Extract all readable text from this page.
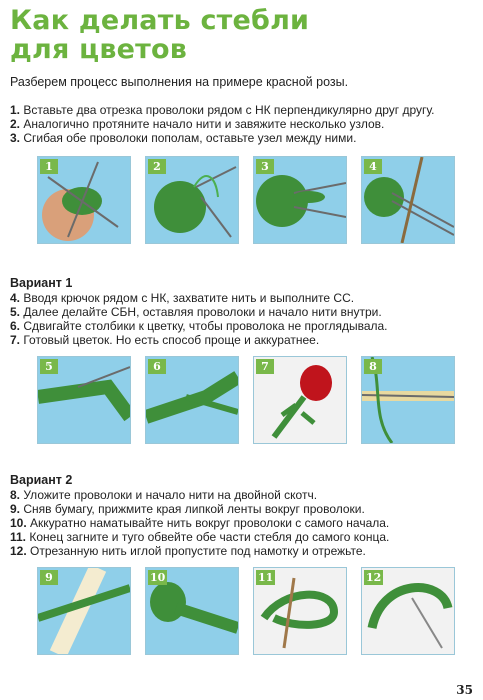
Как делать стебли
для цветов
Разберем процесс выполнения на примере красной розы.
1. Вставьте два отрезка проволоки рядом с НК перпендикулярно друг другу.
2. Аналогично протяните начало нити и завяжите несколько узлов.
3. Сгибая обе проволоки пополам, оставьте узел между ними.
1	2	3	4
Вариант 1
4. Вводя крючок рядом с НК, захватите нить и выполните СС.
5. Далее делайте СБН, оставляя проволоки и начало нити внутри.
6. Сдвигайте столбики к цветку, чтобы проволока не проглядывала.
7. Готовый цветок. Но есть способ проще и аккуратнее.
5	6	7	8
Вариант 2
8. Уложите проволоки и начало нити на двойной скотч.
9. Сняв бумагу, прижмите края липкой ленты вокруг проволоки.
10. Аккуратно наматывайте нить вокруг проволоки с самого начала.
11. Конец загните и туго обвейте обе части стебля до самого конца.
12. Отрезанную нить иглой пропустите под намотку и отрежьте.
9	10	11	12
35
